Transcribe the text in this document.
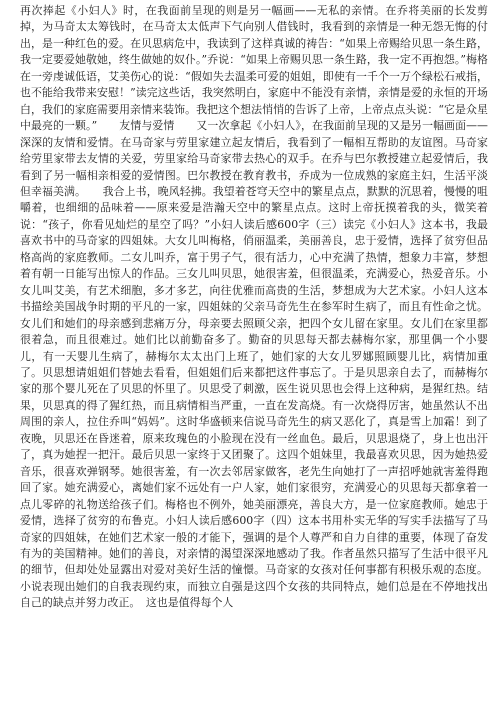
再次捧起《小妇人》时，在我面前呈现的则是另一幅画——无私的亲情。在乔将美丽的长发剪掉，为马奇太太筹钱时，在马奇太太低声下气向别人借钱时，我看到的亲情是一种无怨无悔的付出，是一种红色的爱。在贝思病危中，我读到了这样真诚的祷告：“如果上帝赐给贝思一条生路，我一定要爱她敬她，终生做她的奴仆。”乔说：“如果上帝赐贝思一条生路，我一定不再抱怨。”梅格在一旁虔诚低语，艾美伤心的说：“假如失去温柔可爱的姐姐，即使有一千个一万个绿松石戒指，也不能给我带来安慰！”读完这些话，我突然明白，家庭中不能没有亲情，亲情是爱的永恒的开场白，我们的家庭需要用亲情来装饰。我把这个想法悄悄的告诉了上帝，上帝点点头说：“它是众星中最亮的一颗。”　　友情与爱情　　又一次拿起《小妇人》，在我面前呈现的又是另一幅画面——深深的友情和爱情。在马奇家与劳里家建立起友情后，我看到了一幅相互帮助的友谊图。马奇家给劳里家带去友情的关爱，劳里家给马奇家带去热心的双手。在乔与巴尔教授建立起爱情后，我看到了另一幅相亲相爱的爱情图。巴尔教授在教育教书，乔成为一位成熟的家庭主妇，生活平淡但幸福美满。　　我合上书，晚风轻拂。我望着苍穹天空中的繁星点点，默默的沉思着，慢慢的咀嚼着，也细细的品味着——原来爱是浩瀚天空中的繁星点点。这时上帝抚摸着我的头，微笑着说：“孩子，你看见灿烂的星空了吗？”小妇人读后感600字（三）读完《小妇人》这本书，我最喜欢书中的马奇家的四姐妹。大女儿叫梅格，俏丽温柔，美丽善良，忠于爱情，选择了贫穷但品格高尚的家庭教师。二女儿叫乔，富于男子气，很有活力，心中充满了热情，想象力丰富，梦想着有朝一日能写出惊人的作品。三女儿叫贝思，她很害羞，但很温柔，充满爱心，热爱音乐。小女儿叫艾美，有艺术细胞，多才多艺，向往优雅而高贵的生活，梦想成为大艺术家。小妇人这本书描绘美国战争时期的平凡的一家，四姐妹的父亲马奇先生在参军时生病了，而且有性命之忧。女儿们和她们的母亲感到悲痛万分，母亲要去照顾父亲，把四个女儿留在家里。女儿们在家里都很着急，而且很难过。她们比以前勤奋多了。勤奋的贝思每天都去赫梅尔家，那里偶一个小婴儿，有一天婴儿生病了，赫梅尔太太出门上班了，她们家的大女儿罗娜照顾婴儿比，病情加重了。贝思想请姐姐们替她去看看，但姐姐们后来都把这件事忘了。于是贝思亲自去了，而赫梅尔家的那个婴儿死在了贝思的怀里了。贝思受了刺激，医生说贝思也会得上这种病，是猩红热。结果，贝思真的得了猩红热，而且病情相当严重，一直在发高烧。有一次烧得厉害，她虽然认不出周围的亲人，拉住乔叫“妈妈”。这时华盛顿来信说马奇先生的病又恶化了，真是雪上加霜！到了夜晚，贝思还在昏迷着，原来玫瑰色的小脸现在没有一丝血色。最后，贝思退烧了，身上也出汗了，真为她捏一把汗。最后贝思一家终于又团聚了。这四个姐妹里，我最喜欢贝思，因为她热爱音乐，很喜欢弹钢琴。她很害羞，有一次去邻居家做客，老先生向她打了一声招呼她就害羞得跑回了家。她充满爱心，离她们家不远处有一户人家，她们家很穷，充满爱心的贝思每天都拿着一点儿零碎的礼物送给孩子们。梅格也不例外，她美丽漂亮，善良大方，是一位家庭教师。她忠于爱情，选择了贫穷的布鲁克。小妇人读后感600字（四）这本书用朴实无华的写实手法描写了马奇家的四姐妹，在她们艺术家一般的才能下，强调的是个人尊严和自力自律的重要，体现了奋发有为的美国精神。她们的善良，对亲情的渴望深深地感动了我。作者虽然只描写了生活中很平凡的细节，但却处处显露出对爱对美好生活的憧憬。马奇家的女孩对任何事都有积极乐观的态度。小说表现出她们的自我表现约束，而独立自强是这四个女孩的共同特点，她们总是在不停地找出自己的缺点并努力改正。　这也是值得每个人
